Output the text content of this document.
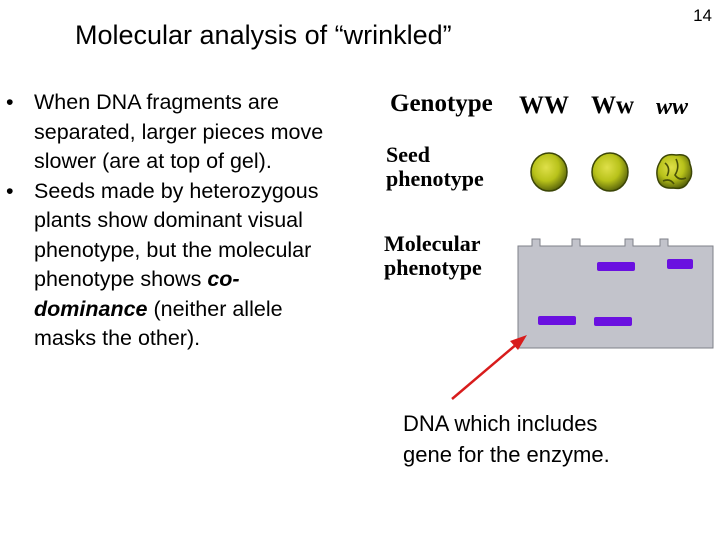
Molecular analysis of “wrinkled”
14
• When DNA fragments are separated, larger pieces move slower (are at top of gel).
• Seeds made by heterozygous plants show dominant visual phenotype, but the molecular phenotype shows co-dominance (neither allele masks the other).
Genotype WW Ww ww
Seed
phenotype
Molecular
phenotype
DNA which includes
gene for the enzyme.
